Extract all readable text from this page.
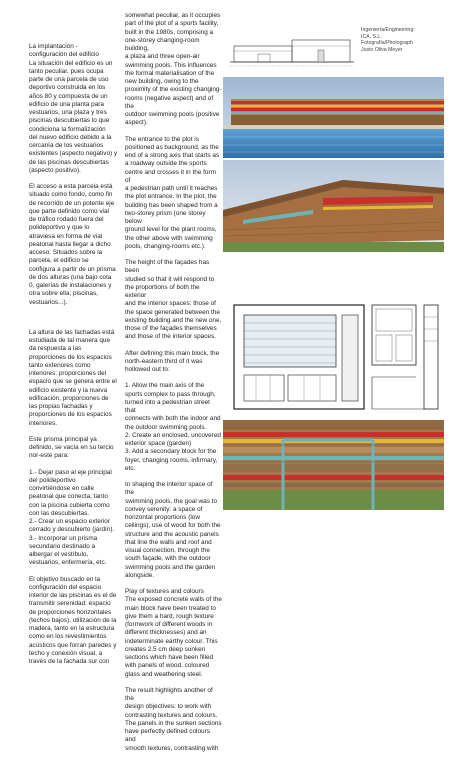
La implantación -
configuración del edificio
La situación del edificio es un
tanto peculiar, pues ocupa
parte de una parcela de uso
deportivo construida en los
años 80 y compuesta de un
edificio de una planta para
vestuarios, una plaza y tres
piscinas descubiertas lo que
condiciona la formalización
del nuevo edificio debido a la
cercanía de los vestuarios
existentes (aspecto negativo) y
de las piscinas descubiertas
(aspecto positivo).

El acceso a esta parcela está
situado como fondo, como fin
de recorrido de un potente eje
que parte definido como vial
de tráfico rodado fuera del
polideportivo y que lo
atraviesa en forma de vial
peatonal hasta llegar a dicho
acceso. Situados sobre la
parcela, el edificio se
configura a partir de un prisma
de dos alturas (una bajo cota
0, galerías de instalaciones y
otra sobre ella; piscinas,
vestuarios...).

La altura de las fachadas está
estudiada de tal manera que
da respuesta a las
proporciones de los espacios
tanto exteriores como
interiores: proporciones del
espacio que se genera entre el
edificio existente y la nueva
edificación, proporciones de
las propias fachadas y
proporciones de los espacios
interiores.

Este prisma principal ya
definido, se vacía en su tercio
nor-este para:

1.- Dejar paso al eje principal
del polideportivo
convirtiéndose en calle
peatonal que conecta, tanto
con la piscina cubierta como
con las descubiertas.
2.- Crear un espacio exterior
cerrado y descubierto (jardín).
3.- Incorporar un prisma
secundario destinado a
albergar el vestíbulo,
vestuarios, enfermería, etc.

El objetivo buscado en la
configuración del espacio
interior de las piscinas es el de
transmitir serenidad: espacio
de proporciones horizontales
(techos bajos), utilización de la
madera, tanto en la estructura
como en los revestimientos
acústicos que forran paredes y
techo y conexión visual, a
través de la fachada sur con

somewhat peculiar, as it occupies
part of the plot of a sports facility,
built in the 1980s, comprising a
one-storey changing-room building,
a plaza and three open-air
swimming pools. This influences
the formal materialisation of the
new building, owing to the
proximity of the existing changing-
rooms (negative aspect) and of the
outdoor swimming pools (positive
aspect).

The entrance to the plot is
positioned as background, as the
end of a strong axis that starts as
a roadway outside the sports
centre and crosses it in the form of
a pedestrian path until it reaches
the plot entrance. In the plot, the
building has been shaped from a
two-storey prism (one storey below
ground level for the plant rooms,
the other above with swimming
pools, changing-rooms etc.).

The height of the façades has been
studied so that it will respond to
the proportions of both the exterior
and the interior spaces: those of
the space generated between the
existing building and the new one,
those of the façades themselves
and those of the interior spaces.

After defining this main block, the
north-eastern third of it was
hollowed out to:

1. Allow the main axis of the
sports complex to pass through,
turned into a pedestrian street that
connects with both the indoor and
the outdoor swimming pools.
2. Create an enclosed, uncovered
exterior space (garden)
3. Add a secondary block for the
foyer, changing rooms, infirmary,
etc.

In shaping the interior space of the
swimming pools, the goal was to
convey serenity: a space of
horizontal proportions (low
ceilings), use of wood for both the
structure and the acoustic panels
that line the walls and roof and
visual connection, through the
south façade, with the outdoor
swimming pools and the garden
alongside.

Play of textures and colours
The exposed concrete walls of the
main block have been treated to
give them a hard, rough texture
(formwork of different woods in
different thicknesses) and an
indeterminate earthy colour. This
creates 2.5 cm deep sunken
sections which have been filled
with panels of wood, coloured
glass and weathering steel.

The result highlights another of the
design objectives: to work with
contrasting textures and colours.
The panels in the sunken sections
have perfectly defined colours and
smooth textures, contrasting with

Ingeniería/Engineering:
ICA, S.L.
Fotografía/Photograph
Justo Oliva Meyer
